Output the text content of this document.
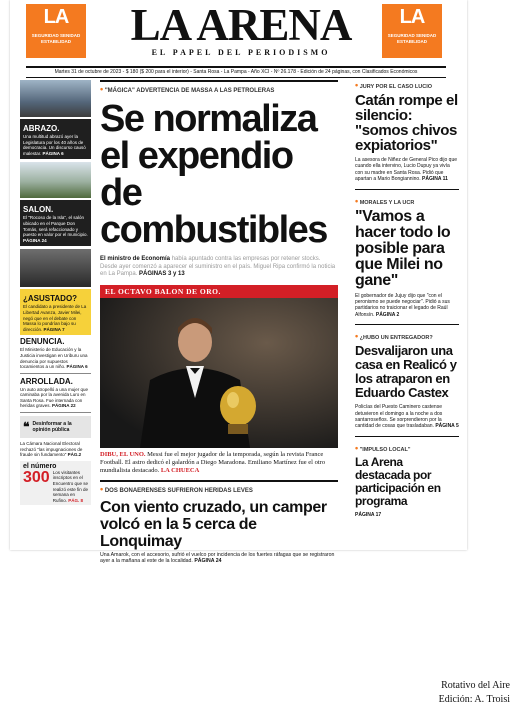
LA
SEGURIDAD SENIDAD ESTABILIDAD	LA ARENA
EL PAPEL DEL PERIODISMO
LA
SEGURIDAD SENIDAD ESTABILIDAD
Martes 31 de octubre de 2023 - $ 180 ($ 200 para el interior) - Santa Rosa - La Pampa - Año XCI - Nº 26.178 - Edición de 24 páginas, con Clasificados Económicos
ABRAZO.
Una multitud abrazó ayer la Legislatura por los 40 años de democracia. Un discurso causó malestar. PÁGINA 6
SALON.
El "Rocoso de la Isla", el salón ubicado en el Parque Don Tomás, será refaccionado y puesto en valor por el municipio. PÁGINA 24
¿ASUSTADO?
El candidato a presidente de La Libertad Avanza, Javier Milei, negó que en el debate con Massa lo pondrían bajo su dirección. PÁGINA 7
DENUNCIA.
El Ministerio de Educación y la Justicia investigan en Uriburu una denuncia por supuestos tocamientos a un niño. PÁGINA 6
ARROLLADA.
Un auto atropelló a una mujer que caminaba por la avenida Luro en Santa Rosa. Fue internada con heridas graves. PÁGINA 22
❝ Desinformar a la opinión pública
La Cámara Nacional Electoral rechazó "las impugnaciones de fraude sin fundamento" PÁG.2
el número
300 Los visitantes inscriptos en el Encuentro que se realizó este fin de semana en Rufino. PÁG. 8
• "MÁGICA" ADVERTENCIA DE MASSA A LAS PETROLERAS
Se normaliza el expendio de combustibles
El ministro de Economía había apuntado contra las empresas por retener stocks. Desde ayer comenzó a aparecer el suministro en el país. Miguel Ripa confirmó la noticia en La Pampa. PÁGINAS 3 y 13
EL OCTAVO BALON DE ORO.
DIBU, EL UNO. Messi fue el mejor jugador de la temporada, según la revista France Football. El astro dedicó el galardón a Diego Maradona. Emiliano Martínez fue el otro mundialista destacado. LA CHUECA
• DOS BONAERENSES SUFRIERON HERIDAS LEVES
Con viento cruzado, un camper volcó en la 5 cerca de Lonquimay
Una Amarok, con el accesorio, sufrió el vuelco por incidencia de los fuertes ráfagas que se registraron ayer a la mañana al este de la localidad. PÁGINA 24
• JURY POR EL CASO LUCIO
Catán rompe el silencio: "somos chivos expiatorios"
La asesora de Niñez de General Pico dijo que cuando ella intervino, Lucio Dupuy ya vivía con su madre en Santa Rosa. Pidió que apartan a Mario Bongiannino. PÁGINA 11
• MORALES Y LA UCR
"Vamos a hacer todo lo posible para que Milei no gane"
El gobernador de Jujuy dijo que "con el peronismo se puede negociar". Pidió a sus partidarios no traicionar el legado de Raúl Alfonsín. PÁGINA 2
• ¿HUBO UN ENTREGADOR?
Desvalijaron una casa en Realicó y los atraparon en Eduardo Castex
Policías del Puesto Caminero castense detuvieron el domingo a la noche a dos santarroseños. Se sorprendieron por la cantidad de cosas que trasladaban. PÁGINA 5
• "IMPULSO LOCAL"
La Arena destacada por participación en programa
PÁGINA 17
Rotativo del Aire
Edición: A. Troisi
